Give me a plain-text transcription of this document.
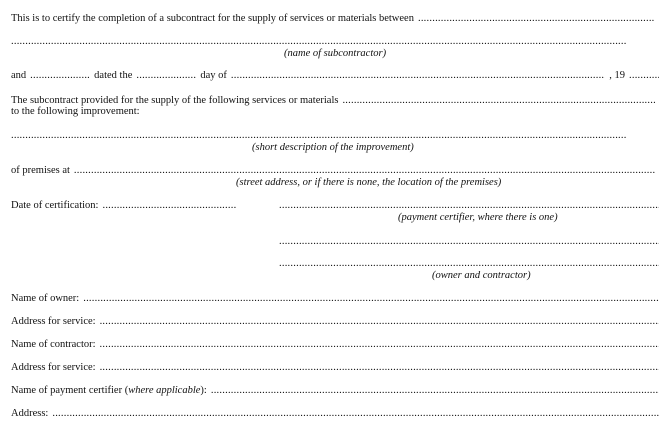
This is to certify the completion of a subcontract for the supply of services or materials between
. . .
. . .
(name of subcontractor)
and . . .	dated the . . .	day of . . .	, 19
. . .
The subcontract provided for the supply of the following services or materials
. . .
to the following improvement:
. . .
(short description of the improvement)
of premises at
. . .
(street address, or if there is none, the location of the premises)
Date of certification:
. . .
. . .
(payment certifier, where there is one)
. . .
. . .
(owner and contractor)
Name of owner:
. . .
Address for service:
. . .
Name of contractor:
. . .
Address for service:
. . .
Name of payment certifier (where applicable):
. . .
Address:
. . .
